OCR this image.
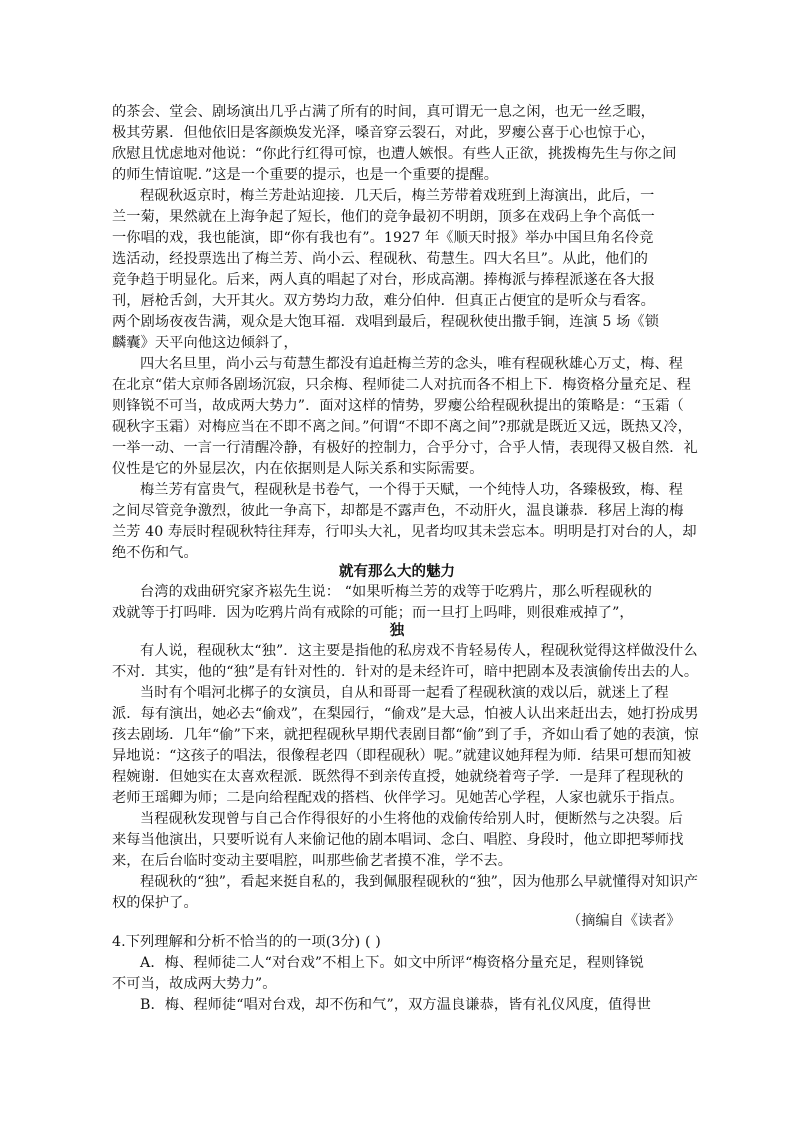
的茶会、堂会、剧场演出几乎占满了所有的时间，真可谓无一息之闲，也无一丝乏暇，
极其劳累．但他依旧是客颜焕发光泽，嗓音穿云裂石，对此，罗瘿公喜于心也惊于心，
欣慰且忧虑地对他说：“你此行红得可惊，也遭人嫉恨。有些人正欲，挑拨梅先生与你之间
的师生情谊呢．”这是一个重要的提示，也是一个重要的提醒。
程砚秋返京时，梅兰芳赴站迎接．几天后，梅兰芳带着戏班到上海演出，此后，一
兰一菊，果然就在上海争起了短长，他们的竞争最初不明朗，顶多在戏码上争个高低一
一你唱的戏，我也能演，即“你有我也有”。1927 年《顺天时报》举办中国旦角名伶竞
选活动，经投票选出了梅兰芳、尚小云、程砚秋、荀慧生。四大名旦”。从此，他们的
竞争趋于明显化。后来，两人真的唱起了对台，形成高潮。捧梅派与捧程派遂在各大报
刊，唇枪舌剑，大开其火。双方势均力敌，难分伯仲．但真正占便宜的是听众与看客。
两个剧场夜夜告满，观众是大饱耳福．戏唱到最后，程砚秋使出撒手锏，连演 5 场《锁
麟囊》天平向他这边倾斜了，
四大名旦里，尚小云与荀慧生都没有追赶梅兰芳的念头，唯有程砚秋雄心万丈，梅、程
在北京“偌大京师各剧场沉寂，只余梅、程师徒二人对抗而各不相上下．梅资格分量充足、程
则锋锐不可当，故成两大势力”．面对这样的情势，罗瘿公给程砚秋提出的策略是：“玉霜（
砚秋字玉霜）对梅应当在不即不离之间。”何谓“不即不离之间”?那就是既近又远，既热又冷，
一举一动、一言一行清醒冷静，有极好的控制力，合乎分寸，合乎人情，表现得又极自然．礼
仪性是它的外显层次，内在依据则是人际关系和实际需要。
梅兰芳有富贵气，程砚秋是书卷气，一个得于天赋，一个纯恃人功，各臻极致，梅、程
之间尽管竞争激烈，彼此一争高下，却都是不露声色，不动肝火，温良谦恭．移居上海的梅
兰芳 40 寿辰时程砚秋特往拜寿，行叩头大礼，见者均叹其未尝忘本。明明是打对台的人，却
绝不伤和气。
就有那么大的魅力
台湾的戏曲研究家齐崧先生说： “如果听梅兰芳的戏等于吃鸦片，那么听程砚秋的
戏就等于打吗啡．因为吃鸦片尚有戒除的可能；而一旦打上吗啡，则很难戒掉了”，
独
有人说，程砚秋太“独”．这主要是指他的私房戏不肯轻易传人，程砚秋觉得这样做没什么
不对．其实，他的“独”是有针对性的．针对的是未经许可，暗中把剧本及表演偷传出去的人。
当时有个唱河北梆子的女演员，自从和哥哥一起看了程砚秋演的戏以后，就迷上了程
派．每有演出，她必去“偷戏”，在梨园行，“偷戏”是大忌，怕被人认出来赶出去，她打扮成男
孩去剧场．几年“偷”下来，就把程砚秋早期代表剧目都“偷”到了手，齐如山看了她的表演，惊
异地说：“这孩子的唱法，很像程老四（即程砚秋）呢。”就建议她拜程为师．结果可想而知被
程婉谢．但她实在太喜欢程派．既然得不到亲传直授，她就绕着弯子学．一是拜了程现秋的
老师王瑶卿为师；二是向给程配戏的搭档、伙伴学习。见她苦心学程，人家也就乐于指点。
当程砚秋发现曾与自己合作得很好的小生将他的戏偷传给别人时，便断然与之决裂。后
来每当他演出，只要听说有人来偷记他的剧本唱词、念白、唱腔、身段时，他立即把琴师找
来，在后台临时变动主要唱腔，叫那些偷艺者摸不准，学不去。
程砚秋的“独”，看起来挺自私的，我到佩服程砚秋的“独”，因为他那么早就懂得对知识产
权的保护了。
（摘编自《读者》
4.下列理解和分析不恰当的的一项(3分) ( )
A．梅、程师徒二人“对台戏”不相上下。如文中所评“梅资格分量充足，程则锋锐
不可当，故成两大势力”。
B．梅、程师徒“唱对台戏，却不伤和气”，双方温良谦恭，皆有礼仪风度，值得世
